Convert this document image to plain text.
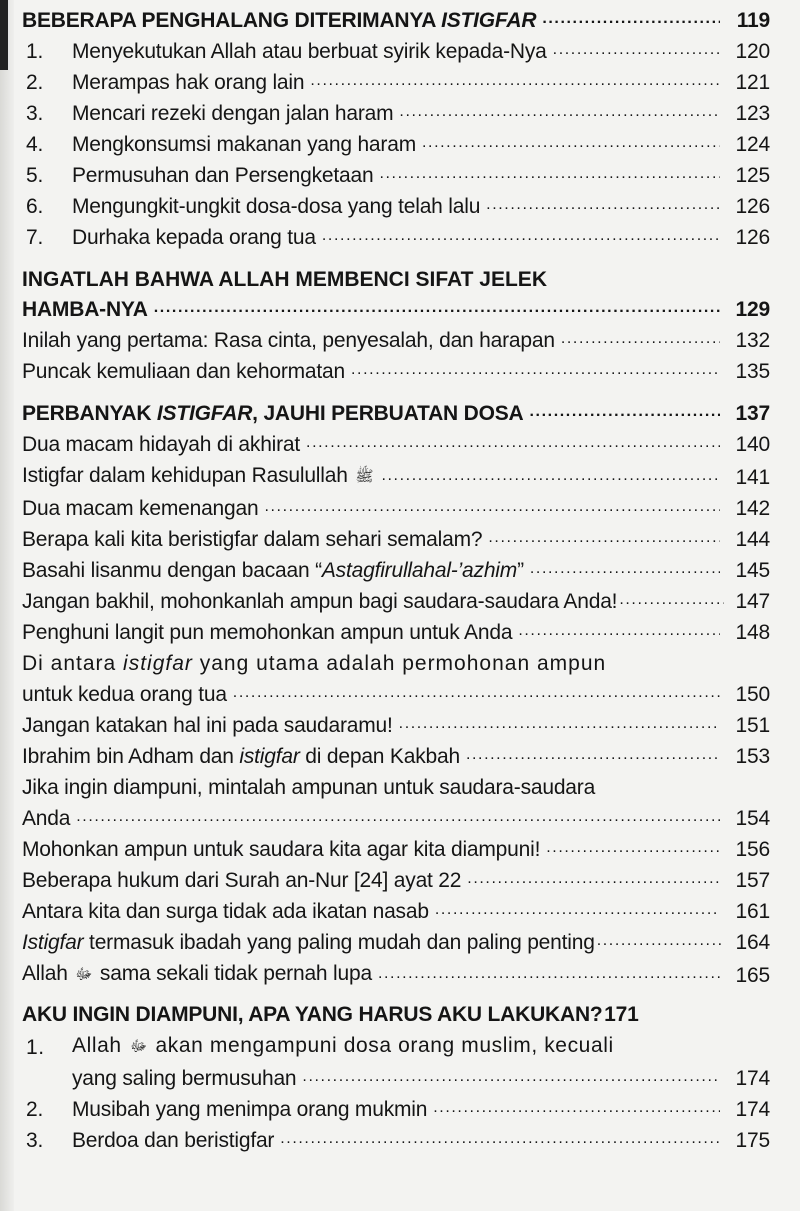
BEBERAPA PENGHALANG DITERIMANYA ISTIGFAR .....	119
1.	Menyekutukan Allah atau berbuat syirik kepada-Nya .....	120
2.	Merampas hak orang lain .....	121
3.	Mencari rezeki dengan jalan haram .....	123
4.	Mengkonsumsi makanan yang haram .....	124
5.	Permusuhan dan Persengketaan .....	125
6.	Mengungkit-ungkit dosa-dosa yang telah lalu .....	126
7.	Durhaka kepada orang tua .....	126
INGATLAH BAHWA ALLAH MEMBENCI SIFAT JELEK
HAMBA-NYA .....	129
Inilah yang pertama: Rasa cinta, penyesalah, dan harapan .....	132
Puncak kemuliaan dan kehormatan .....	135
PERBANYAK ISTIGFAR, JAUHI PERBUATAN DOSA .....	137
Dua macam hidayah di akhirat .....	140
Istigfar dalam kehidupan Rasulullah ﷺ .....	141
Dua macam kemenangan .....	142
Berapa kali kita beristigfar dalam sehari semalam? .....	144
Basahi lisanmu dengan bacaan “Astagfirullahal-’azhim” .....	145
Jangan bakhil, mohonkanlah ampun bagi saudara-saudara Anda! .....	147
Penghuni langit pun memohonkan ampun untuk Anda .....	148
Di antara istigfar yang utama adalah permohonan ampun
untuk kedua orang tua .....	150
Jangan katakan hal ini pada saudaramu! .....	151
Ibrahim bin Adham dan istigfar di depan Kakbah .....	153
Jika ingin diampuni, mintalah ampunan untuk saudara-saudara
Anda .....	154
Mohonkan ampun untuk saudara kita agar kita diampuni! .....	156
Beberapa hukum dari Surah an-Nur [24] ayat 22 .....	157
Antara kita dan surga tidak ada ikatan nasab .....	161
Istigfar termasuk ibadah yang paling mudah dan paling penting .....	164
Allah ﷻ sama sekali tidak pernah lupa .....	165
AKU INGIN DIAMPUNI, APA YANG HARUS AKU LAKUKAN? 171
1.	Allah ﷻ akan mengampuni dosa orang muslim, kecuali
yang saling bermusuhan .....	174
2.	Musibah yang menimpa orang mukmin .....	174
3.	Berdoa dan beristigfar .....	175
